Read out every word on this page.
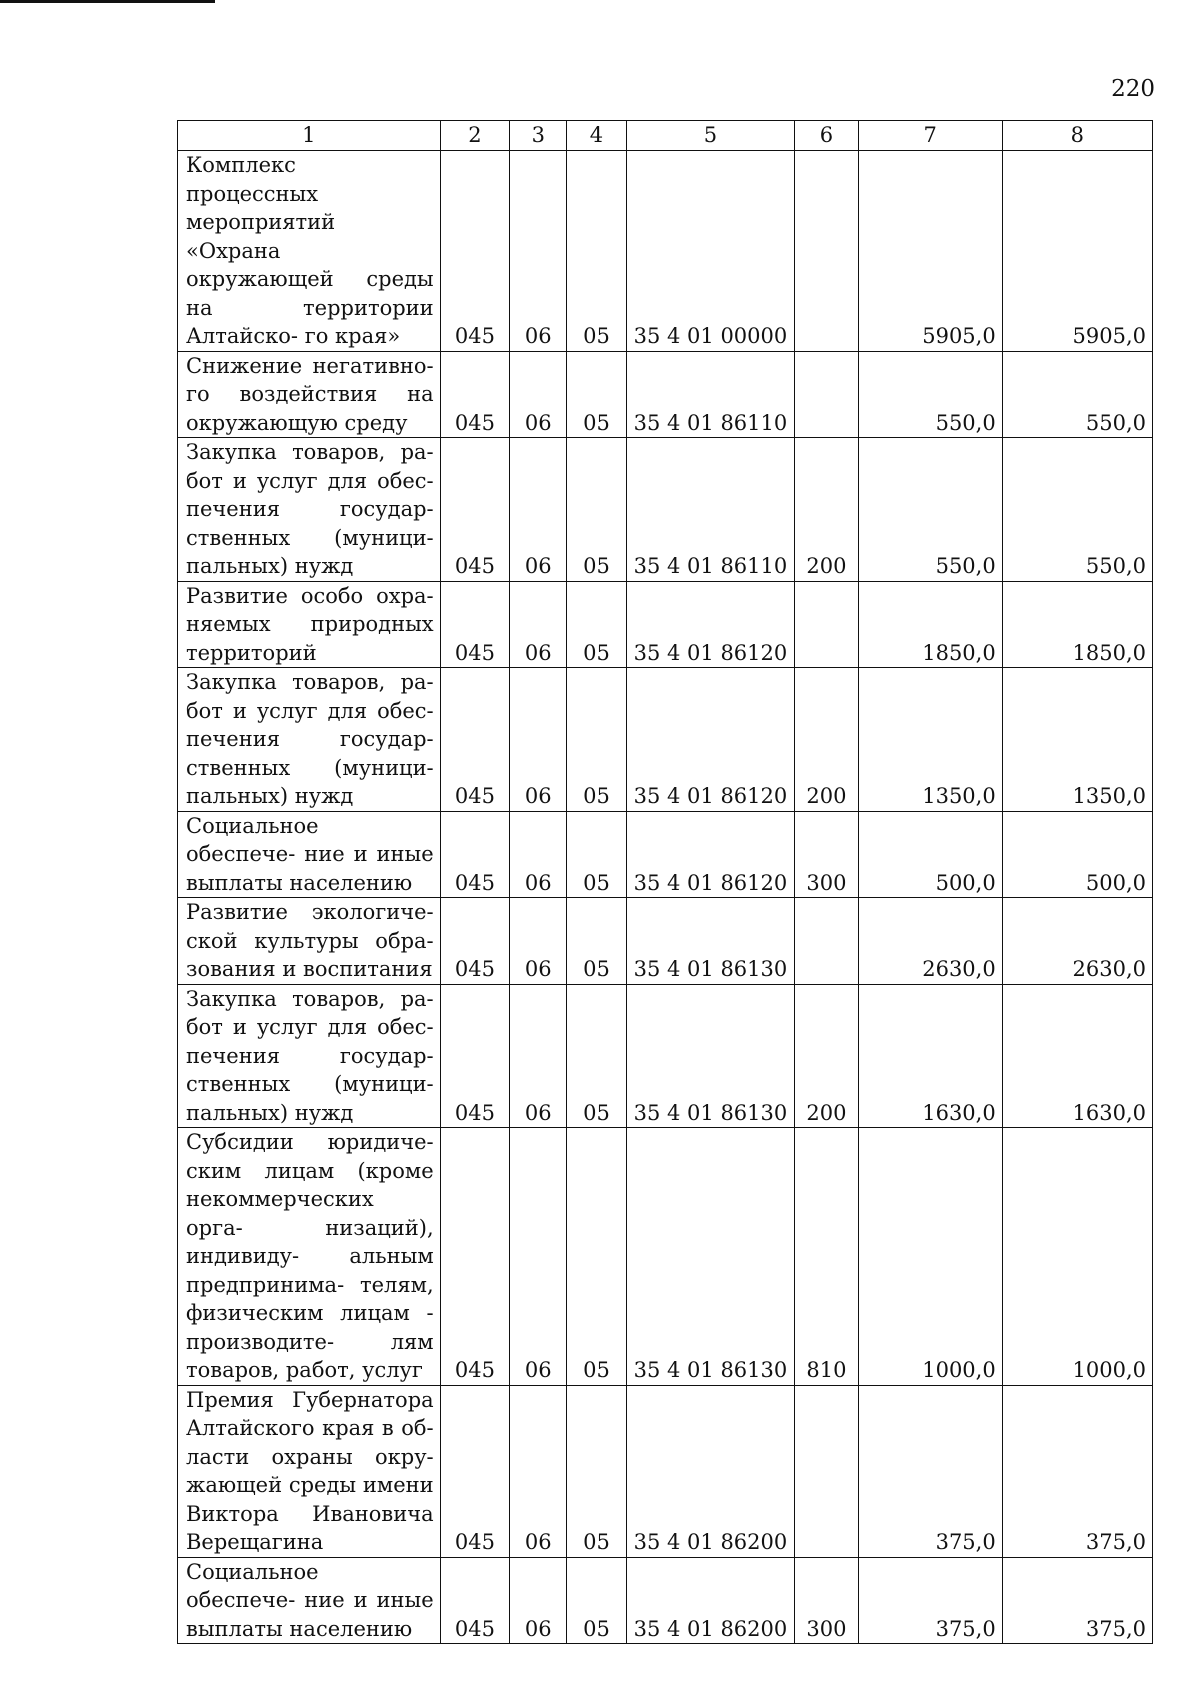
220
1	2	3	4	5	6	7	8
Комплекс процессных мероприятий «Охрана окружающей среды на территории Алтайско- го края»	045	06	05	35 4 01 00000		5905,0	5905,0
Снижение негативно- го воздействия на окружающую среду	045	06	05	35 4 01 86110		550,0	550,0
Закупка товаров, ра- бот и услуг для обес- печения государ- ственных (муници- пальных) нужд	045	06	05	35 4 01 86110	200	550,0	550,0
Развитие особо охра- няемых природных территорий	045	06	05	35 4 01 86120		1850,0	1850,0
Закупка товаров, ра- бот и услуг для обес- печения государ- ственных (муници- пальных) нужд	045	06	05	35 4 01 86120	200	1350,0	1350,0
Социальное обеспече- ние и иные выплаты населению	045	06	05	35 4 01 86120	300	500,0	500,0
Развитие экологиче- ской культуры обра- зования и воспитания	045	06	05	35 4 01 86130		2630,0	2630,0
Закупка товаров, ра- бот и услуг для обес- печения государ- ственных (муници- пальных) нужд	045	06	05	35 4 01 86130	200	1630,0	1630,0
Субсидии юридиче- ским лицам (кроме некоммерческих орга- низаций), индивиду- альным предпринима- телям, физическим лицам - производите- лям товаров, работ, услуг	045	06	05	35 4 01 86130	810	1000,0	1000,0
Премия Губернатора Алтайского края в об- ласти охраны окру- жающей среды имени Виктора Ивановича Верещагина	045	06	05	35 4 01 86200		375,0	375,0
Социальное обеспече- ние и иные выплаты населению	045	06	05	35 4 01 86200	300	375,0	375,0
